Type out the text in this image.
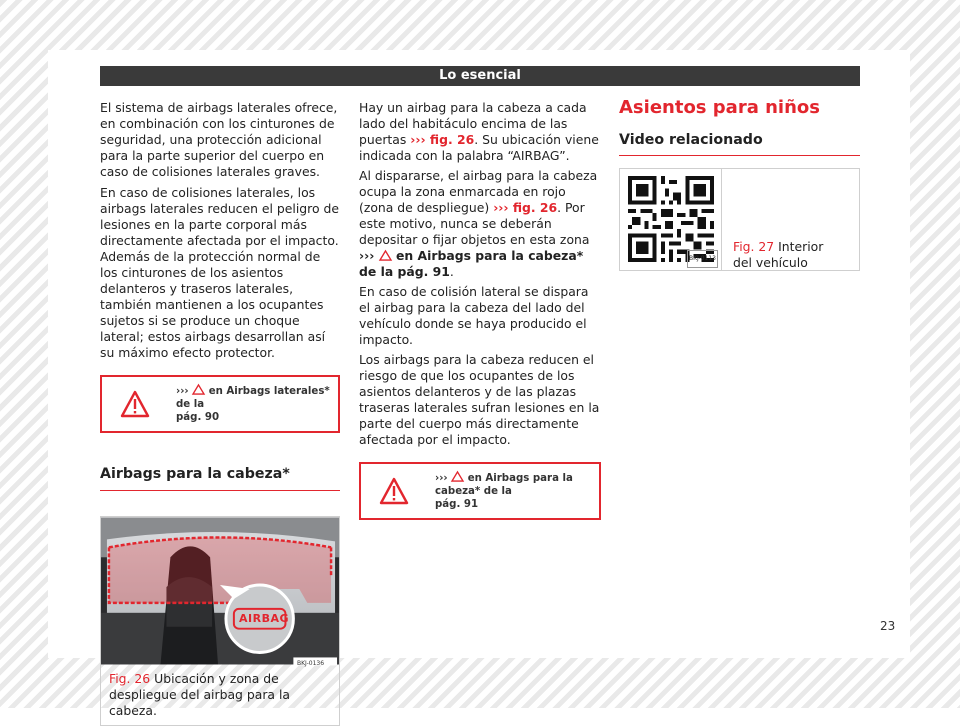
Lo esencial

El sistema de airbags laterales ofrece, en combinación con los cinturones de seguridad, una protección adicional para la parte superior del cuerpo en caso de colisiones laterales graves.

En caso de colisiones laterales, los airbags laterales reducen el peligro de lesiones en la parte corporal más directamente afectada por el impacto. Además de la protección normal de los cinturones de los asientos delanteros y traseros laterales, también mantienen a los ocupantes sujetos si se produce un choque lateral; estos airbags desarrollan así su máximo efecto protector.

››› en Airbags laterales* de la
pág. 90
Airbags para la cabeza*
BKJ-0136
AIRBAG
Fig. 26 Ubicación y zona de despliegue del airbag para la cabeza.

Hay un airbag para la cabeza a cada lado del habitáculo encima de las puertas ››› fig. 26. Su ubicación viene indicada con la palabra “AIRBAG”.

Al dispararse, el airbag para la cabeza ocupa la zona enmarcada en rojo (zona de despliegue) ››› fig. 26. Por este motivo, nunca se deberán depositar o fijar objetos en esta zona ››› en Airbags para la cabeza* de la pág. 91.

En caso de colisión lateral se dispara el airbag para la cabeza del lado del vehículo donde se haya producido el impacto.

Los airbags para la cabeza reducen el riesgo de que los ocupantes de los asientos delanteros y de las plazas traseras laterales sufran lesiones en la parte del cuerpo más directamente afectada por el impacto.

››› en Airbags para la cabeza* de la
pág. 91
Asientos para niños
Video relacionado
BKJ-0113
Fig. 27 Interior del vehículo
23
